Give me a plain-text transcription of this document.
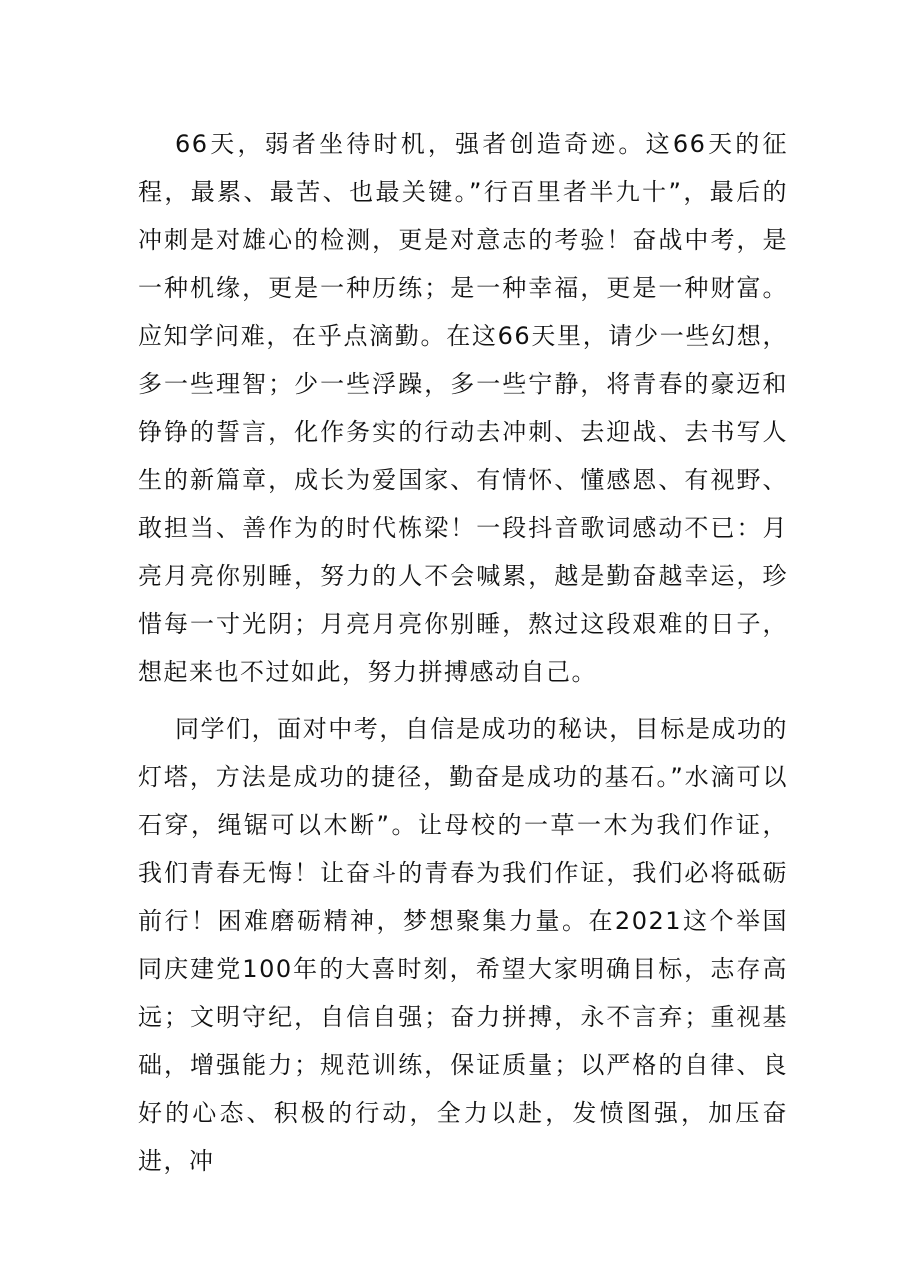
66天，弱者坐待时机，强者创造奇迹。这66天的征程，最累、最苦、也最关键。”行百里者半九十”，最后的冲刺是对雄心的检测，更是对意志的考验！奋战中考，是一种机缘，更是一种历练；是一种幸福，更是一种财富。应知学问难，在乎点滴勤。在这66天里，请少一些幻想，多一些理智；少一些浮躁，多一些宁静，将青春的豪迈和铮铮的誓言，化作务实的行动去冲刺、去迎战、去书写人生的新篇章，成长为爱国家、有情怀、懂感恩、有视野、敢担当、善作为的时代栋梁！一段抖音歌词感动不已：月亮月亮你别睡，努力的人不会喊累，越是勤奋越幸运，珍惜每一寸光阴；月亮月亮你别睡，熬过这段艰难的日子，想起来也不过如此，努力拼搏感动自己。

同学们，面对中考，自信是成功的秘诀，目标是成功的灯塔，方法是成功的捷径，勤奋是成功的基石。”水滴可以石穿，绳锯可以木断”。让母校的一草一木为我们作证，我们青春无悔！让奋斗的青春为我们作证，我们必将砥砺前行！困难磨砺精神，梦想聚集力量。在2021这个举国同庆建党100年的大喜时刻，希望大家明确目标，志存高远；文明守纪，自信自强；奋力拼搏，永不言弃；重视基础，增强能力；规范训练，保证质量；以严格的自律、良好的心态、积极的行动，全力以赴，发愤图强，加压奋进，冲
